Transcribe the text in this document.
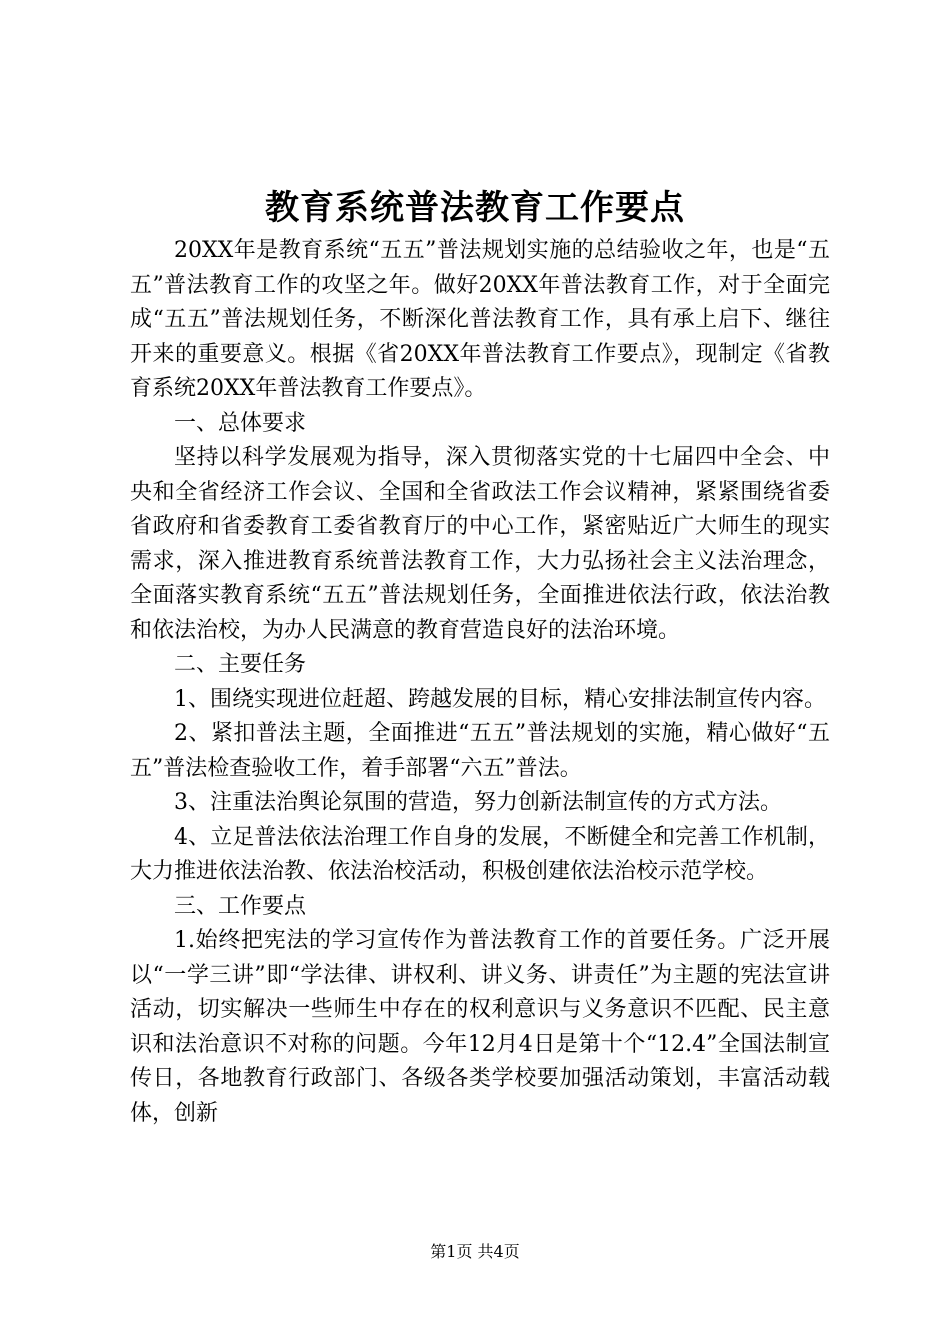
教育系统普法教育工作要点

20XX年是教育系统“五五”普法规划实施的总结验收之年，也是“五五”普法教育工作的攻坚之年。做好20XX年普法教育工作，对于全面完成“五五”普法规划任务，不断深化普法教育工作，具有承上启下、继往开来的重要意义。根据《省20XX年普法教育工作要点》，现制定《省教育系统20XX年普法教育工作要点》。

一、总体要求

坚持以科学发展观为指导，深入贯彻落实党的十七届四中全会、中央和全省经济工作会议、全国和全省政法工作会议精神，紧紧围绕省委省政府和省委教育工委省教育厅的中心工作，紧密贴近广大师生的现实需求，深入推进教育系统普法教育工作，大力弘扬社会主义法治理念，全面落实教育系统“五五”普法规划任务，全面推进依法行政，依法治教和依法治校，为办人民满意的教育营造良好的法治环境。

二、主要任务

1、围绕实现进位赶超、跨越发展的目标，精心安排法制宣传内容。

2、紧扣普法主题，全面推进“五五”普法规划的实施，精心做好“五五”普法检查验收工作，着手部署“六五”普法。

3、注重法治舆论氛围的营造，努力创新法制宣传的方式方法。

4、立足普法依法治理工作自身的发展，不断健全和完善工作机制，大力推进依法治教、依法治校活动，积极创建依法治校示范学校。

三、工作要点

1.始终把宪法的学习宣传作为普法教育工作的首要任务。广泛开展以“一学三讲”即“学法律、讲权利、讲义务、讲责任”为主题的宪法宣讲活动，切实解决一些师生中存在的权利意识与义务意识不匹配、民主意识和法治意识不对称的问题。今年12月4日是第十个“12.4”全国法制宣传日，各地教育行政部门、各级各类学校要加强活动策划，丰富活动载体，创新

第1页 共4页
